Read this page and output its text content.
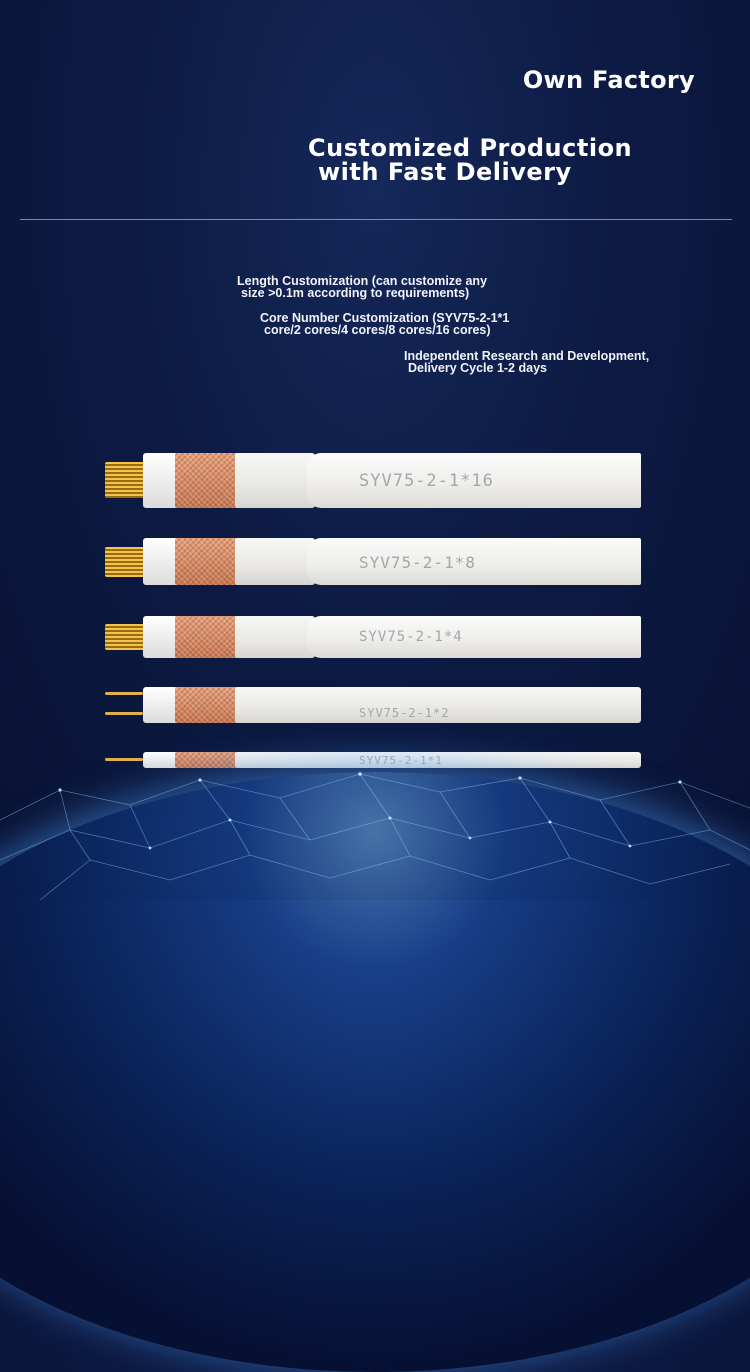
Own Factory
Customized Production
with Fast Delivery
Length Customization (can customize any
size >0.1m according to requirements)
Core Number Customization (SYV75-2-1*1
core/2 cores/4 cores/8 cores/16 cores)
Independent Research and Development,
Delivery Cycle 1-2 days
SYV75-2-1*16
SYV75-2-1*8
SYV75-2-1*4
SYV75-2-1*2
SYV75-2-1*1
